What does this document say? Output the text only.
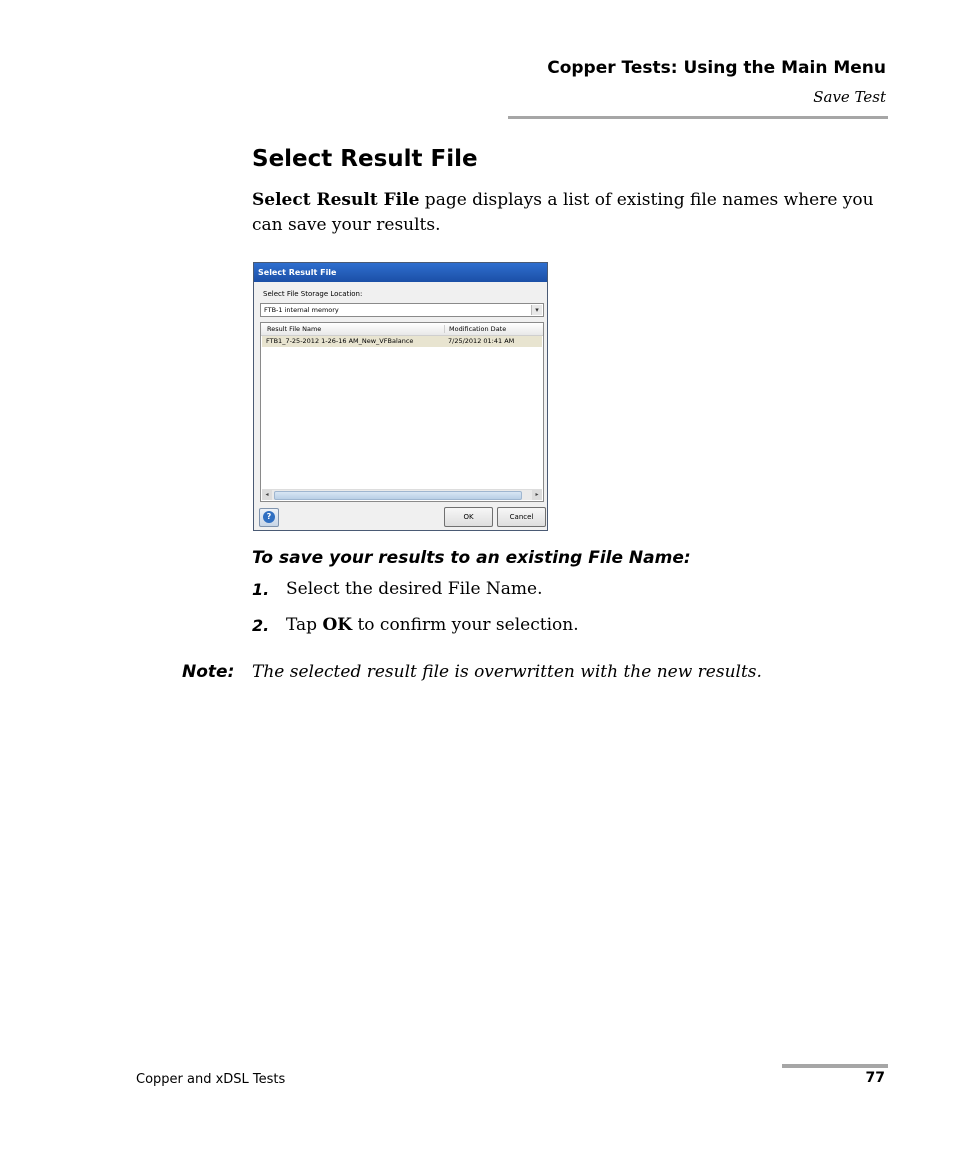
Copper Tests: Using the Main Menu
Save Test
Select Result File
Select Result File page displays a list of existing file names where you can save your results.
Select Result File
Select File Storage Location:
FTB-1 internal memory	▾
Result File Name	Modification Date
FTB1_7-25-2012 1-26-16 AM_New_VFBalance	7/25/2012 01:41 AM
◂	▸
?	OK	Cancel
To save your results to an existing File Name:
1. Select the desired File Name.
2. Tap OK to confirm your selection.
Note: The selected result file is overwritten with the new results.
Copper and xDSL Tests	77
